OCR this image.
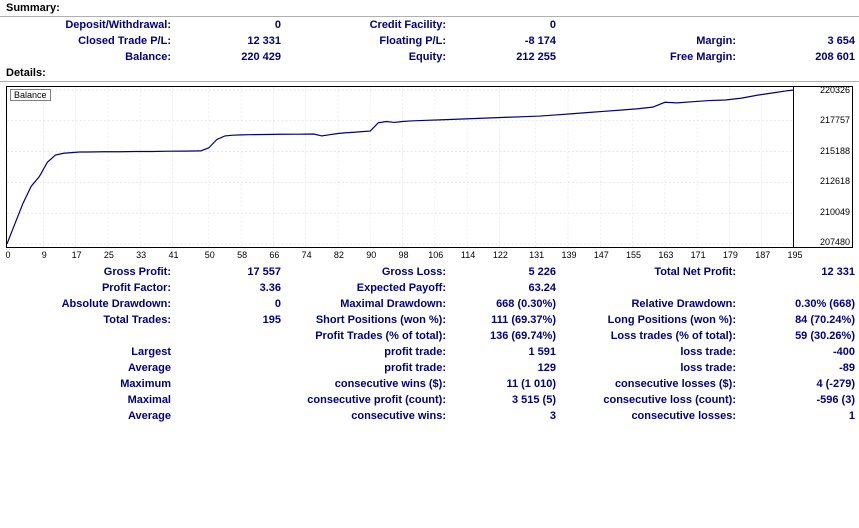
Summary:
Deposit/Withdrawal:	0	Credit Facility:	0		
Closed Trade P/L:	12 331	Floating P/L:	-8 174	Margin:	3 654
Balance:	220 429	Equity:	212 255	Free Margin:	208 601
Details:
Balance
207480
210049
212618
215188
217757
220326
0	9	17 25 33 41	50 58 66 74 82 90 98 106 114 122 131 139 147 155 163 171 179 187 195
Gross Profit:	17 557	Gross Loss:	5 226	Total Net Profit:	12 331
Profit Factor:	3.36	Expected Payoff:	63.24		
Absolute Drawdown:	0	Maximal Drawdown:	668 (0.30%)	Relative Drawdown:	0.30% (668)
Total Trades:	195	Short Positions (won %):	111 (69.37%)	Long Positions (won %):	84 (70.24%)
		Profit Trades (% of total):	136 (69.74%)	Loss trades (% of total):	59 (30.26%)
Largest		profit trade:	1 591	loss trade:	-400
Average		profit trade:	129	loss trade:	-89
Maximum		consecutive wins ($):	11 (1 010)	consecutive losses ($):	4 (-279)
Maximal		consecutive profit (count):	3 515 (5)	consecutive loss (count):	-596 (3)
Average		consecutive wins:	3	consecutive losses:	1
